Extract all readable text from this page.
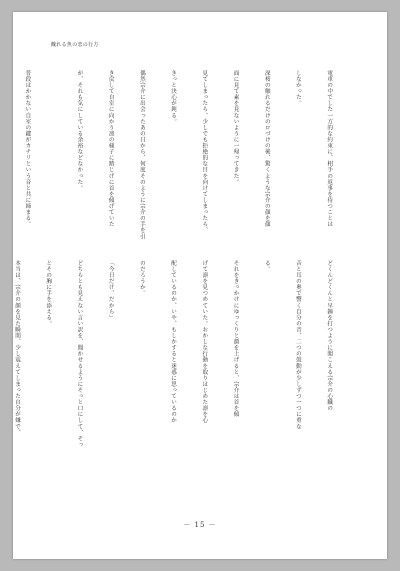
醜れる魚の恋の行方

電車の中でした一方的な約束に、相手の返事を待つことは

しなかった。

深桜の触れるだけのロづけの後、驚くような宗介の顔を顔

面に見て素を見ないように一帰ってきた。

見てしまったら、少しでも拒絶的な目を向けてしまったら、

きっと決心が鈍る。

偶然宗介に出会ったあの日から、何度そのように宗介の手を引

き戻して自室に向かう凛の様子に踏じげに首を傾げていた

が、それも気にしている余裕などなかった。

普段はかかない自室の鍵がカチリという音と共に締まる。

どくんどくんと早鐘を打つように聞こえる宗介の心臓の

音と耳の奥で響く自分の音、二つの鼓動が少しずつ一つに重な

る。

それをきっかけにゆっくりと顔を上げると、宗介は首を傾

げて凛を見つめていた。おかしな行動を取りはじめた凛を心

配しているのか、いや、もしかすると迷惑に思っているのか

のだろうか。

「今日だけ、だから」

どちらとも見えない言い訳を、聞かせるようにそっと口にして、そっ

とその胸に手を添える。

本当は、宗介の顔を見た瞬間、少し震えてしまった自分が嫌で、

－ 15 －
